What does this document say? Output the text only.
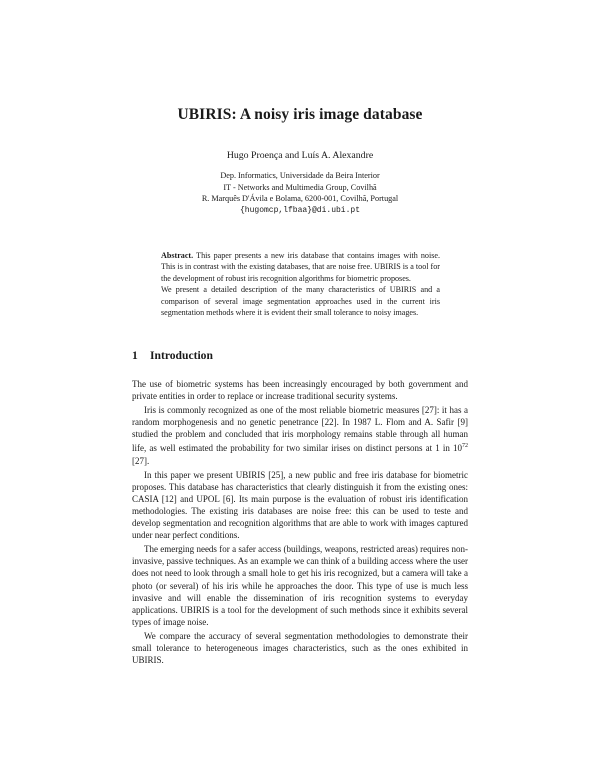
UBIRIS: A noisy iris image database
Hugo Proença and Luís A. Alexandre
Dep. Informatics, Universidade da Beira Interior
IT - Networks and Multimedia Group, Covilhã
R. Marquês D'Ávila e Bolama, 6200-001, Covilhã, Portugal
{hugomcp,lfbaa}@di.ubi.pt

Abstract. This paper presents a new iris database that contains images with noise. This is in contrast with the existing databases, that are noise free. UBIRIS is a tool for the development of robust iris recognition algorithms for biometric proposes.

We present a detailed description of the many characteristics of UBIRIS and a comparison of several image segmentation approaches used in the current iris segmentation methods where it is evident their small tolerance to noisy images.

1 Introduction

The use of biometric systems has been increasingly encouraged by both government and private entities in order to replace or increase traditional security systems.

Iris is commonly recognized as one of the most reliable biometric measures [27]: it has a random morphogenesis and no genetic penetrance [22]. In 1987 L. Flom and A. Safir [9] studied the problem and concluded that iris morphology remains stable through all human life, as well estimated the probability for two similar irises on distinct persons at 1 in $10^{72}$ [27].

In this paper we present UBIRIS [25], a new public and free iris database for biometric proposes. This database has characteristics that clearly distinguish it from the existing ones: CASIA [12] and UPOL [6]. Its main purpose is the evaluation of robust iris identification methodologies. The existing iris databases are noise free: this can be used to teste and develop segmentation and recognition algorithms that are able to work with images captured under near perfect conditions.

The emerging needs for a safer access (buildings, weapons, restricted areas) requires non-invasive, passive techniques. As an example we can think of a building access where the user does not need to look through a small hole to get his iris recognized, but a camera will take a photo (or several) of his iris while he approaches the door. This type of use is much less invasive and will enable the dissemination of iris recognition systems to everyday applications. UBIRIS is a tool for the development of such methods since it exhibits several types of image noise.

We compare the accuracy of several segmentation methodologies to demonstrate their small tolerance to heterogeneous images characteristics, such as the ones exhibited in UBIRIS.
